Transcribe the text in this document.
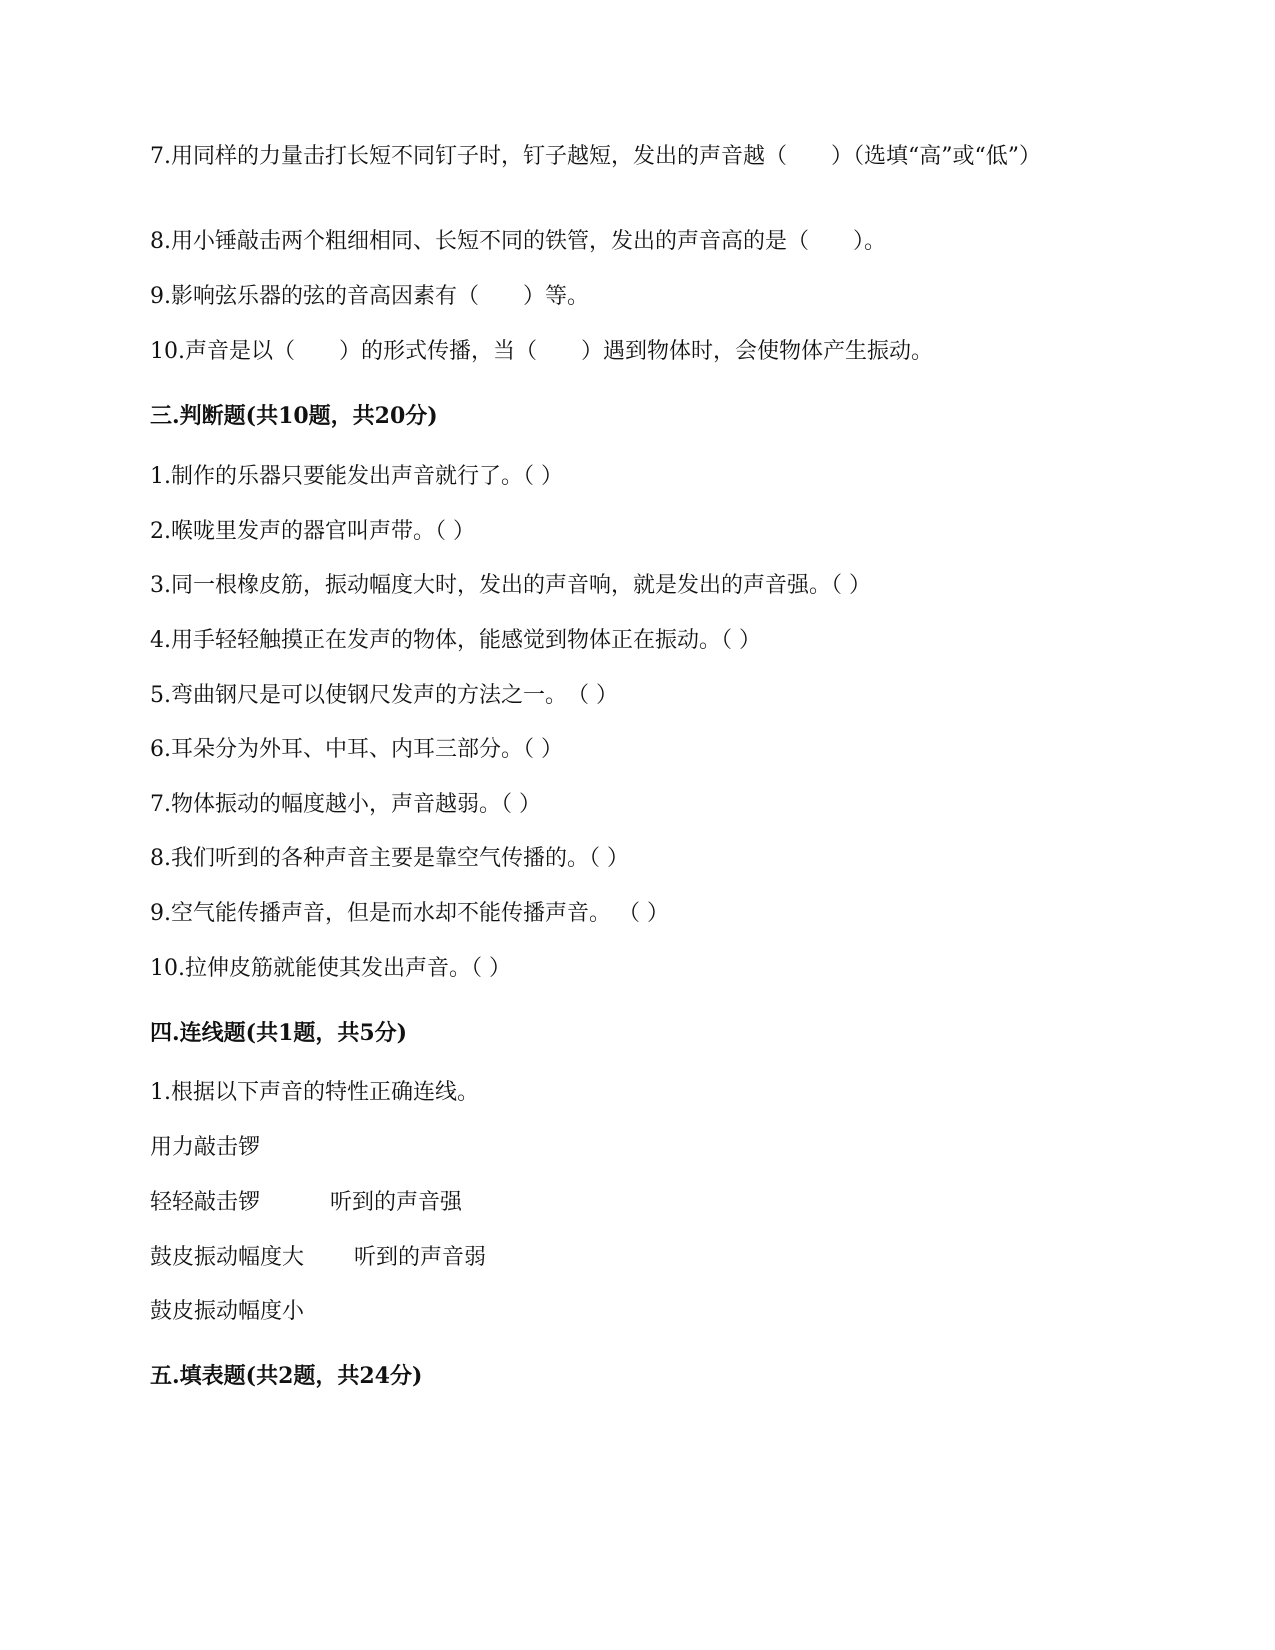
7.用同样的力量击打长短不同钉子时，钉子越短，发出的声音越（　　）（选填“高”或“低”）
8.用小锤敲击两个粗细相同、长短不同的铁管，发出的声音高的是（　　）。
9.影响弦乐器的弦的音高因素有（　　）等。
10.声音是以（　　）的形式传播，当（　　）遇到物体时，会使物体产生振动。
三.判断题(共10题，共20分)
1.制作的乐器只要能发出声音就行了。（ ）
2.喉咙里发声的器官叫声带。（ ）
3.同一根橡皮筋，振动幅度大时，发出的声音响，就是发出的声音强。（ ）
4.用手轻轻触摸正在发声的物体，能感觉到物体正在振动。（ ）
5.弯曲钢尺是可以使钢尺发声的方法之一。　（ ）
6.耳朵分为外耳、中耳、内耳三部分。（ ）
7.物体振动的幅度越小，声音越弱。（ ）
8.我们听到的各种声音主要是靠空气传播的。（ ）
9.空气能传播声音，但是而水却不能传播声音。 （ ）
10.拉伸皮筋就能使其发出声音。（ ）
四.连线题(共1题，共5分)
1.根据以下声音的特性正确连线。
用力敲击锣
轻轻敲击锣	听到的声音强
鼓皮振动幅度大 听到的声音弱
鼓皮振动幅度小
五.填表题(共2题，共24分)
